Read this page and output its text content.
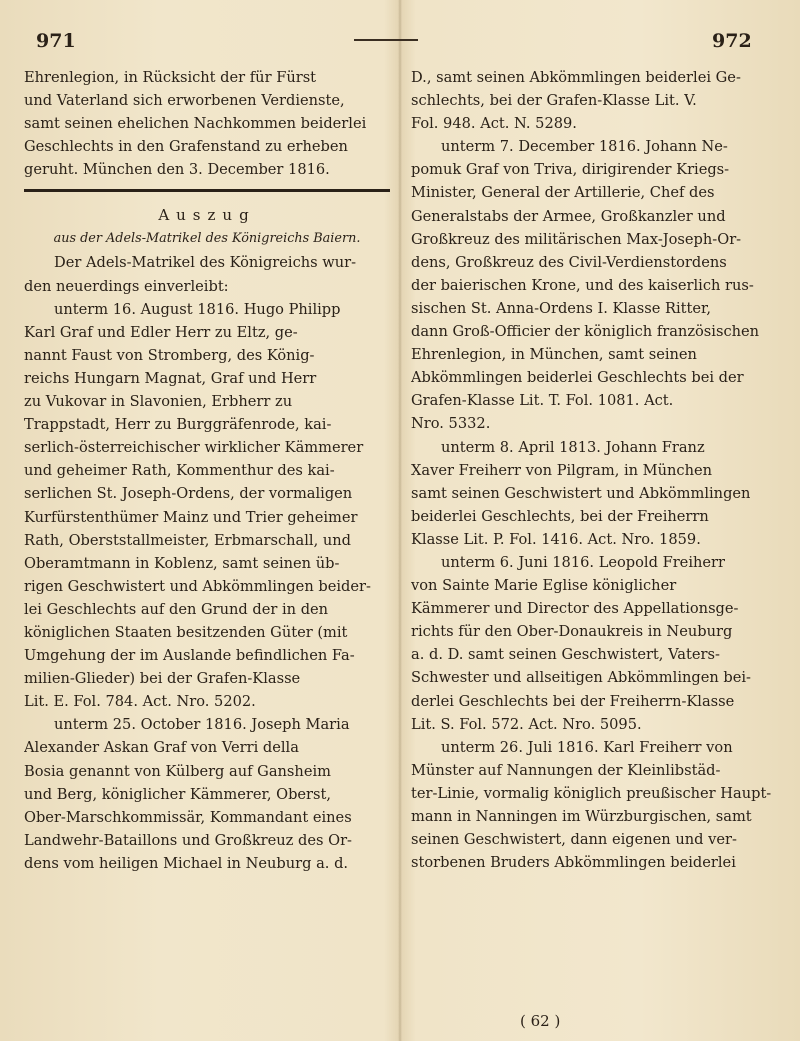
971	972
Ehrenlegion, in Rücksicht der für Fürst
und Vaterland sich erworbenen Verdienste,
samt seinen ehelichen Nachkommen beiderlei
Geschlechts in den Grafenstand zu erheben
geruht. München den 3. December 1816.
Auszug
aus der Adels-Matrikel des Königreichs Baiern.
Der Adels-Matrikel des Königreichs wur-
den neuerdings einverleibt:
unterm 16. August 1816. Hugo Philipp
Karl Graf und Edler Herr zu Eltz, ge-
nannt Faust von Stromberg, des König-
reichs Hungarn Magnat, Graf und Herr
zu Vukovar in Slavonien, Erbherr zu
Trappstadt, Herr zu Burggräfenrode, kai-
serlich-österreichischer wirklicher Kämmerer
und geheimer Rath, Kommenthur des kai-
serlichen St. Joseph-Ordens, der vormaligen
Kurfürstenthümer Mainz und Trier geheimer
Rath, Oberststallmeister, Erbmarschall, und
Oberamtmann in Koblenz, samt seinen üb-
rigen Geschwistert und Abkömmlingen beider-
lei Geschlechts auf den Grund der in den
königlichen Staaten besitzenden Güter (mit
Umgehung der im Auslande befindlichen Fa-
milien-Glieder) bei der Grafen-Klasse
Lit. E. Fol. 784. Act. Nro. 5202.
unterm 25. October 1816. Joseph Maria
Alexander Askan Graf von Verri della
Bosia genannt von Külberg auf Gansheim
und Berg, königlicher Kämmerer, Oberst,
Ober-Marschkommissär, Kommandant eines
Landwehr-Bataillons und Großkreuz des Or-
dens vom heiligen Michael in Neuburg a. d.
D., samt seinen Abkömmlingen beiderlei Ge-
schlechts, bei der Grafen-Klasse Lit. V.
Fol. 948. Act. N. 5289.
unterm 7. December 1816. Johann Ne-
pomuk Graf von Triva, dirigirender Kriegs-
Minister, General der Artillerie, Chef des
Generalstabs der Armee, Großkanzler und
Großkreuz des militärischen Max-Joseph-Or-
dens, Großkreuz des Civil-Verdienstordens
der baierischen Krone, und des kaiserlich rus-
sischen St. Anna-Ordens I. Klasse Ritter,
dann Groß-Officier der königlich französischen
Ehrenlegion, in München, samt seinen
Abkömmlingen beiderlei Geschlechts bei der
Grafen-Klasse Lit. T. Fol. 1081. Act.
Nro. 5332.
unterm 8. April 1813. Johann Franz
Xaver Freiherr von Pilgram, in München
samt seinen Geschwistert und Abkömmlingen
beiderlei Geschlechts, bei der Freiherrn
Klasse Lit. P. Fol. 1416. Act. Nro. 1859.
unterm 6. Juni 1816. Leopold Freiherr
von Sainte Marie Eglise königlicher
Kämmerer und Director des Appellationsge-
richts für den Ober-Donaukreis in Neuburg
a. d. D. samt seinen Geschwistert, Vaters-
Schwester und allseitigen Abkömmlingen bei-
derlei Geschlechts bei der Freiherrn-Klasse
Lit. S. Fol. 572. Act. Nro. 5095.
unterm 26. Juli 1816. Karl Freiherr von
Münster auf Nannungen der Kleinlibstäd-
ter-Linie, vormalig königlich preußischer Haupt-
mann in Nanningen im Würzburgischen, samt
seinen Geschwistert, dann eigenen und ver-
storbenen Bruders Abkömmlingen beiderlei
( 62 )
